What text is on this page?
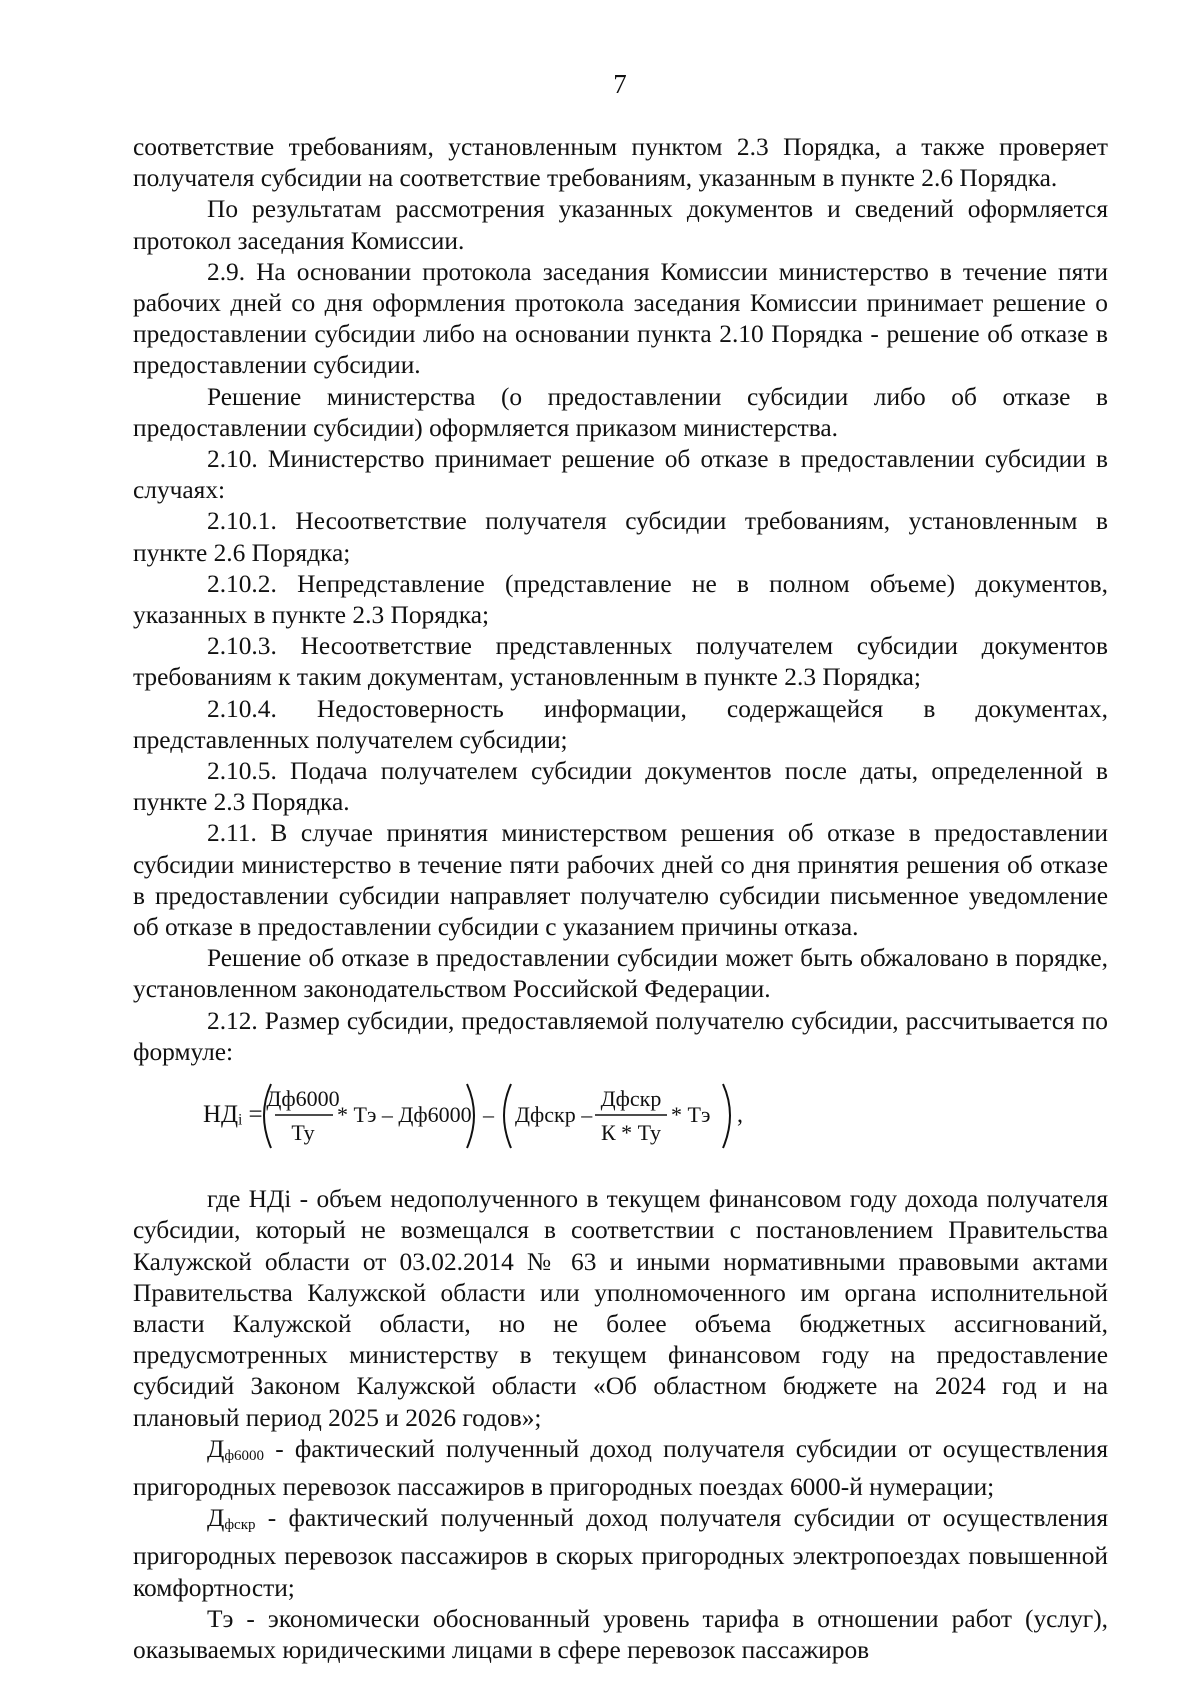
7

соответствие требованиям, установленным пунктом 2.3 Порядка, а также проверяет получателя субсидии на соответствие требованиям, указанным в пункте 2.6 Порядка.

По результатам рассмотрения указанных документов и сведений оформляется протокол заседания Комиссии.

2.9. На основании протокола заседания Комиссии министерство в течение пяти рабочих дней со дня оформления протокола заседания Комиссии принимает решение о предоставлении субсидии либо на основании пункта 2.10 Порядка - решение об отказе в предоставлении субсидии.

Решение министерства (о предоставлении субсидии либо об отказе в предоставлении субсидии) оформляется приказом министерства.

2.10. Министерство принимает решение об отказе в предоставлении субсидии в случаях:

2.10.1. Несоответствие получателя субсидии требованиям, установленным в пункте 2.6 Порядка;

2.10.2. Непредставление (представление не в полном объеме) документов, указанных в пункте 2.3 Порядка;

2.10.3. Несоответствие представленных получателем субсидии документов требованиям к таким документам, установленным в пункте 2.3 Порядка;

2.10.4. Недостоверность информации, содержащейся в документах, представленных получателем субсидии;

2.10.5. Подача получателем субсидии документов после даты, определенной в пункте 2.3 Порядка.

2.11. В случае принятия министерством решения об отказе в предоставлении субсидии министерство в течение пяти рабочих дней со дня принятия решения об отказе в предоставлении субсидии направляет получателю субсидии письменное уведомление об отказе в предоставлении субсидии с указанием причины отказа.

Решение об отказе в предоставлении субсидии может быть обжаловано в порядке, установленном законодательством Российской Федерации.

2.12. Размер субсидии, предоставляемой получателю субсидии, рассчитывается по формуле:

НДᵢ =
Дф6000
Ту
* Тэ – Дф6000 – Дфскр –
Дфскр
К * Ту
* Тэ ,

где НДi - объем недополученного в текущем финансовом году дохода получателя субсидии, который не возмещался в соответствии с постановлением Правительства Калужской области от 03.02.2014 № 63 и иными нормативными правовыми актами Правительства Калужской области или уполномоченного им органа исполнительной власти Калужской области, но не более объема бюджетных ассигнований, предусмотренных министерству в текущем финансовом году на предоставление субсидий Законом Калужской области «Об областном бюджете на 2024 год и на плановый период 2025 и 2026 годов»;

$Д_{ф6000}$ - фактический полученный доход получателя субсидии от осуществления пригородных перевозок пассажиров в пригородных поездах 6000-й нумерации;

$Д_{фскр}$ - фактический полученный доход получателя субсидии от осуществления пригородных перевозок пассажиров в скорых пригородных электропоездах повышенной комфортности;

Тэ - экономически обоснованный уровень тарифа в отношении работ (услуг), оказываемых юридическими лицами в сфере перевозок пассажиров
